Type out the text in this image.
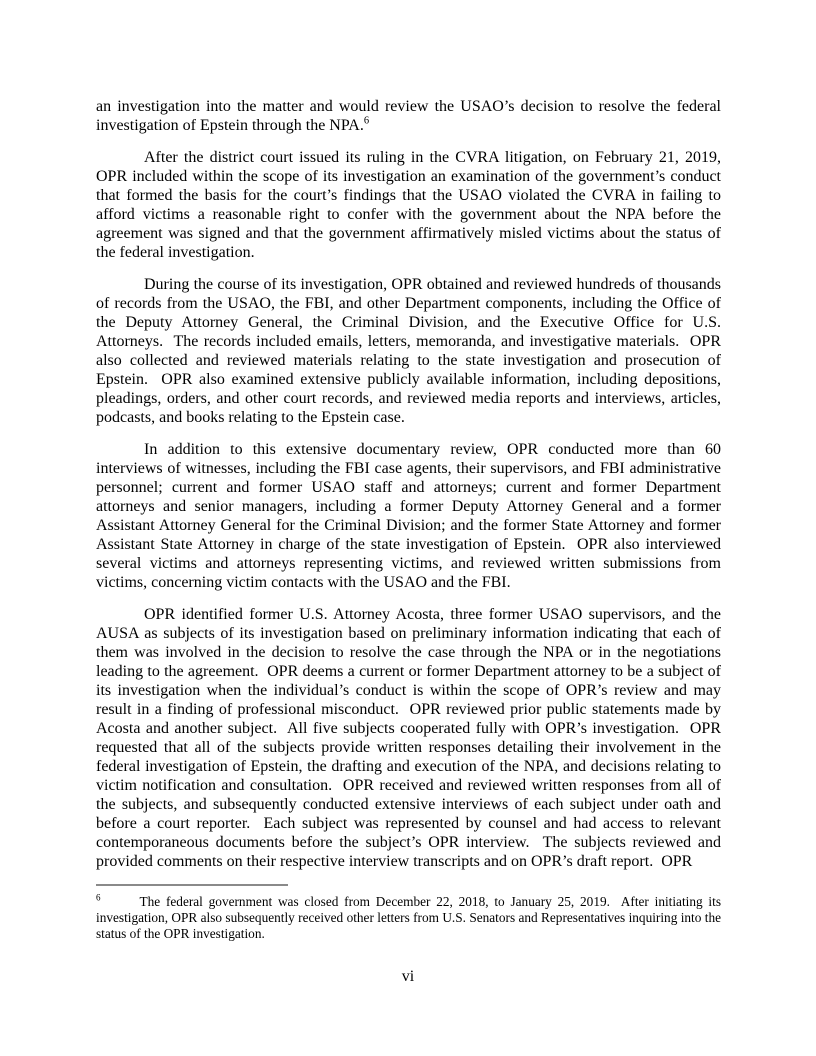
an investigation into the matter and would review the USAO’s decision to resolve the federal investigation of Epstein through the NPA.$^6$

After the district court issued its ruling in the CVRA litigation, on February 21, 2019, OPR included within the scope of its investigation an examination of the government’s conduct that formed the basis for the court’s findings that the USAO violated the CVRA in failing to afford victims a reasonable right to confer with the government about the NPA before the agreement was signed and that the government affirmatively misled victims about the status of the federal investigation.

During the course of its investigation, OPR obtained and reviewed hundreds of thousands of records from the USAO, the FBI, and other Department components, including the Office of the Deputy Attorney General, the Criminal Division, and the Executive Office for U.S. Attorneys.  The records included emails, letters, memoranda, and investigative materials.  OPR also collected and reviewed materials relating to the state investigation and prosecution of Epstein.  OPR also examined extensive publicly available information, including depositions, pleadings, orders, and other court records, and reviewed media reports and interviews, articles, podcasts, and books relating to the Epstein case.

In addition to this extensive documentary review, OPR conducted more than 60 interviews of witnesses, including the FBI case agents, their supervisors, and FBI administrative personnel; current and former USAO staff and attorneys; current and former Department attorneys and senior managers, including a former Deputy Attorney General and a former Assistant Attorney General for the Criminal Division; and the former State Attorney and former Assistant State Attorney in charge of the state investigation of Epstein.  OPR also interviewed several victims and attorneys representing victims, and reviewed written submissions from victims, concerning victim contacts with the USAO and the FBI.

OPR identified former U.S. Attorney Acosta, three former USAO supervisors, and the AUSA as subjects of its investigation based on preliminary information indicating that each of them was involved in the decision to resolve the case through the NPA or in the negotiations leading to the agreement.  OPR deems a current or former Department attorney to be a subject of its investigation when the individual’s conduct is within the scope of OPR’s review and may result in a finding of professional misconduct.  OPR reviewed prior public statements made by Acosta and another subject.  All five subjects cooperated fully with OPR’s investigation.  OPR requested that all of the subjects provide written responses detailing their involvement in the federal investigation of Epstein, the drafting and execution of the NPA, and decisions relating to victim notification and consultation.  OPR received and reviewed written responses from all of the subjects, and subsequently conducted extensive interviews of each subject under oath and before a court reporter.  Each subject was represented by counsel and had access to relevant contemporaneous documents before the subject’s OPR interview.  The subjects reviewed and provided comments on their respective interview transcripts and on OPR’s draft report.  OPR

$^6$	The federal government was closed from December 22, 2018, to January 25, 2019.  After initiating its investigation, OPR also subsequently received other letters from U.S. Senators and Representatives inquiring into the status of the OPR investigation.

vi
